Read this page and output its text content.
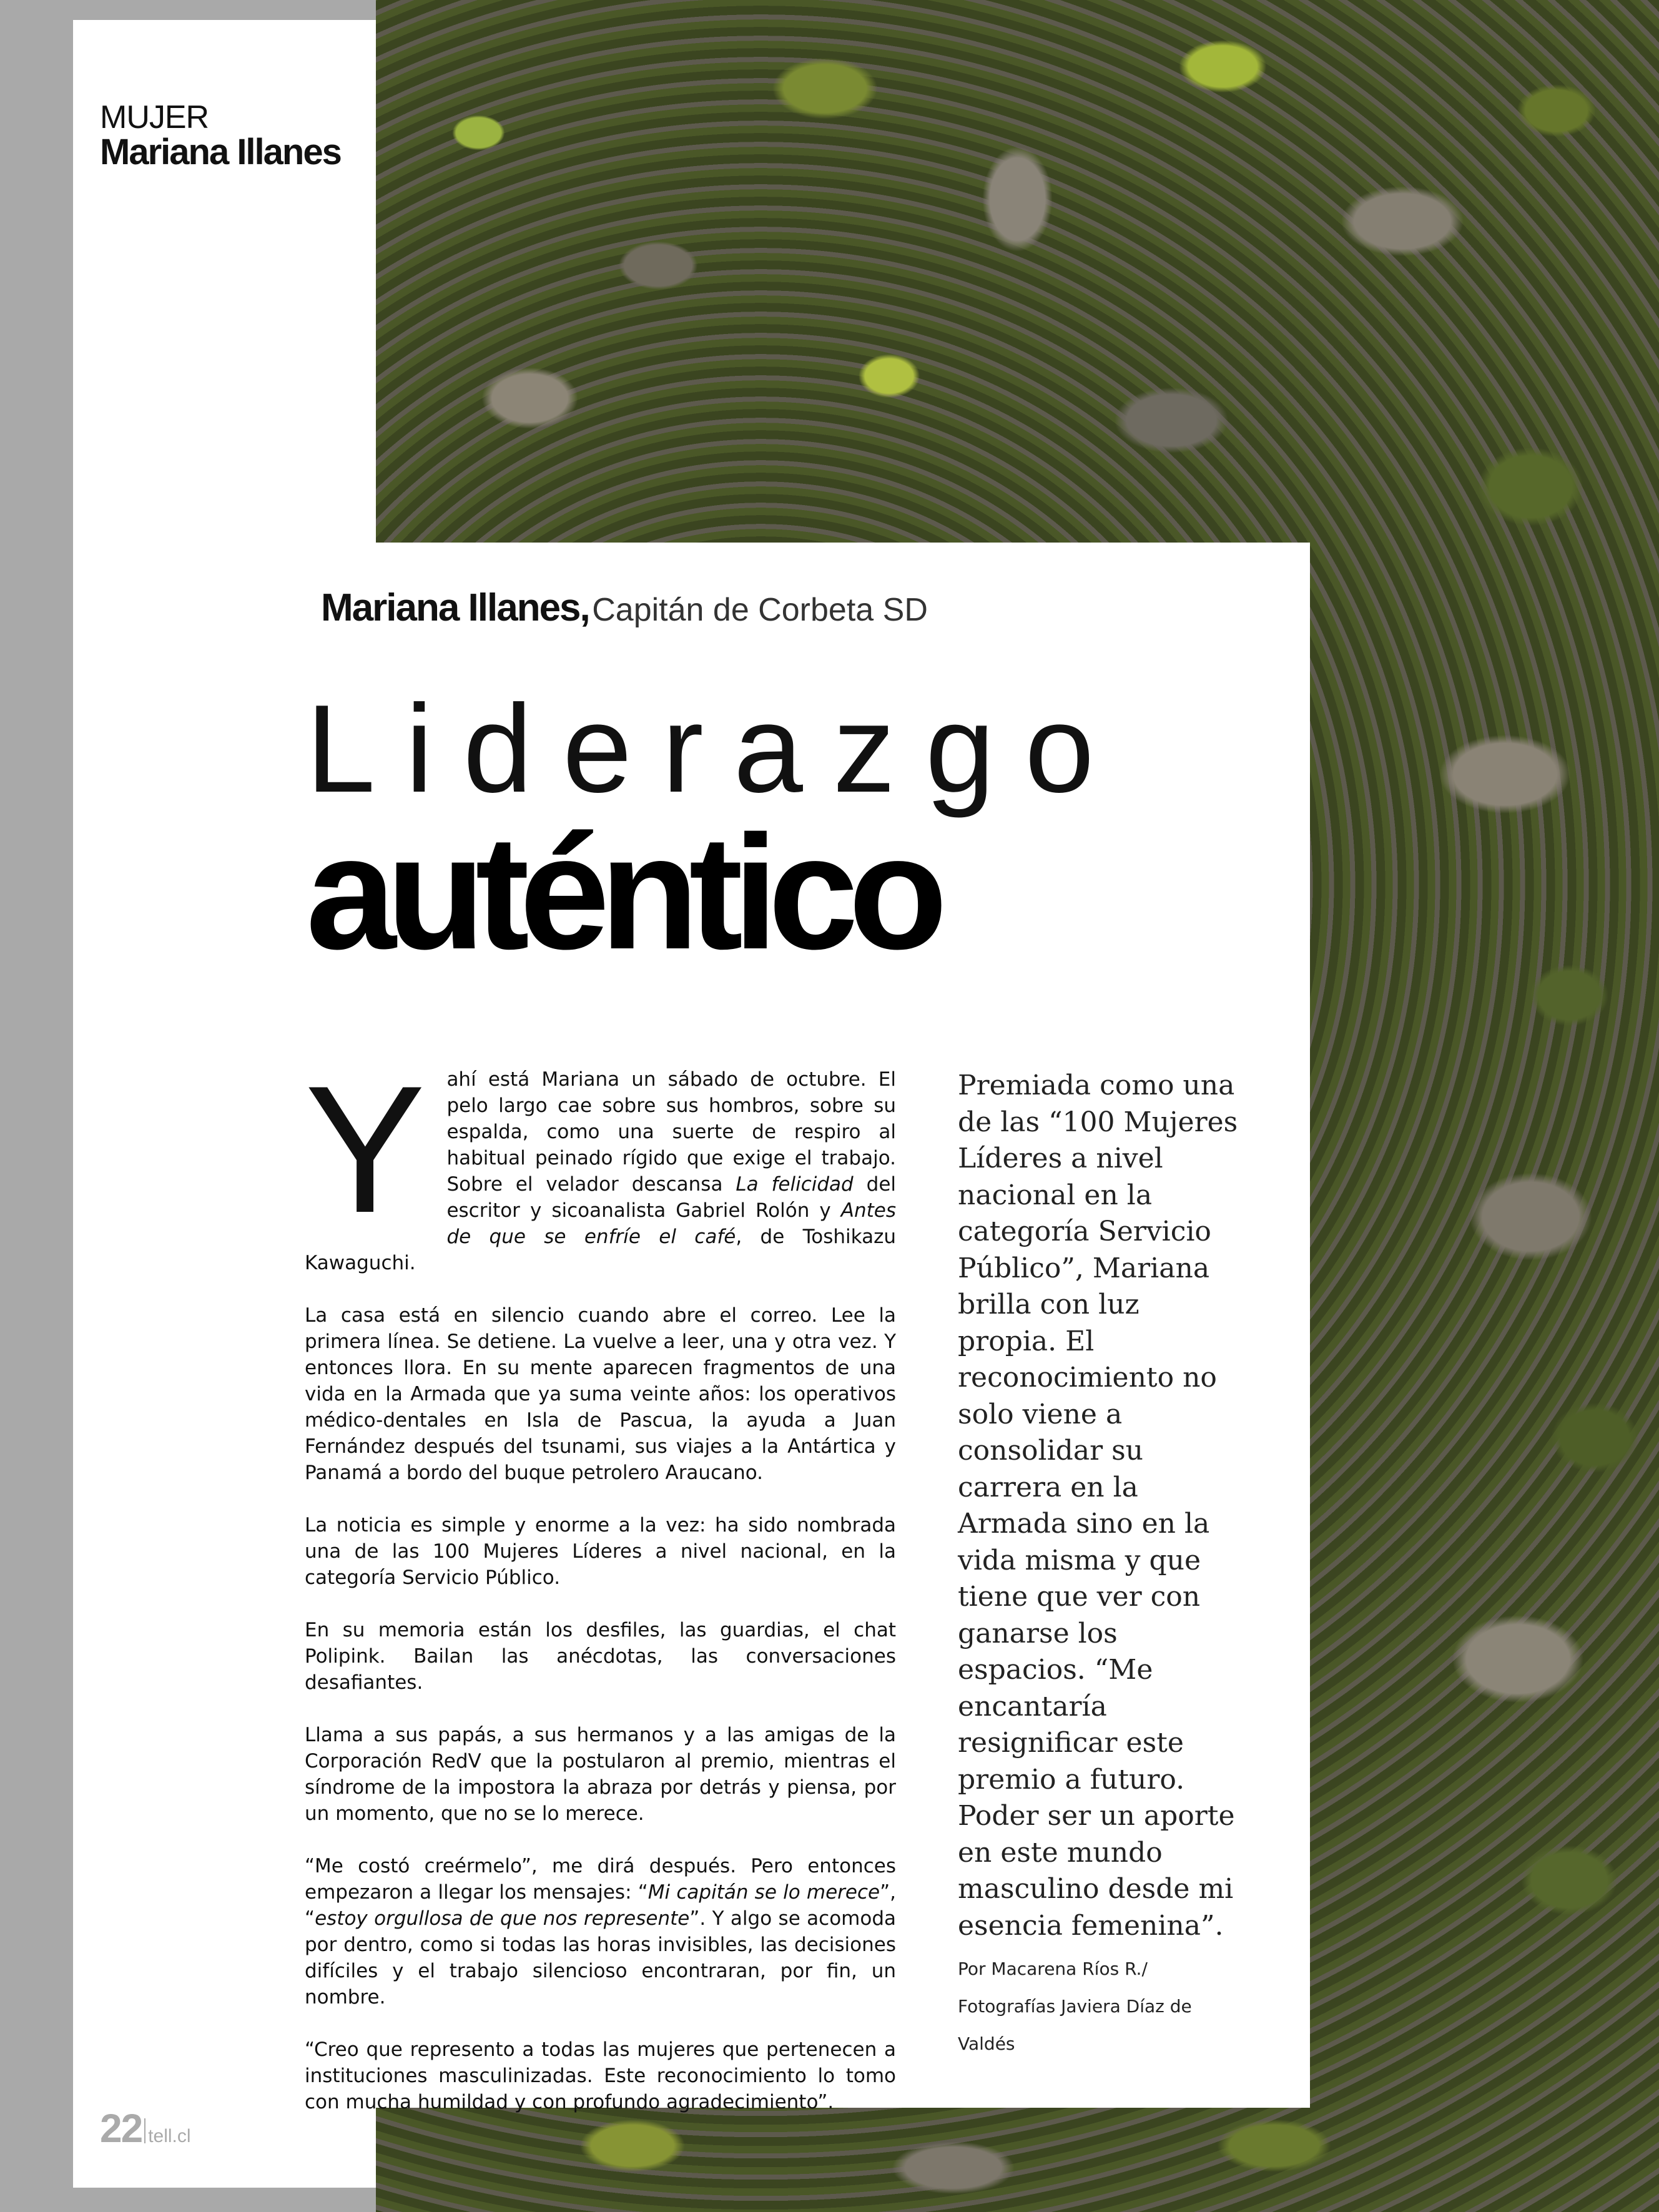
MUJER
Mariana Illanes
Mariana Illanes, Capitán de Corbeta SD
Liderazgo
auténtico

Y ahí está Mariana un sábado de octubre. El pelo largo cae sobre sus hombros, sobre su espalda, como una suerte de respiro al habitual peinado rígido que exige el trabajo. Sobre el velador descansa La felicidad del escritor y sicoanalista Gabriel Rolón y Antes de que se enfríe el café, de Toshikazu Kawaguchi.

La casa está en silencio cuando abre el correo. Lee la primera línea. Se detiene. La vuelve a leer, una y otra vez. Y entonces llora. En su mente aparecen fragmentos de una vida en la Armada que ya suma veinte años: los operativos médico-dentales en Isla de Pascua, la ayuda a Juan Fernández después del tsunami, sus viajes a la Antártica y Panamá a bordo del buque petrolero Araucano.

La noticia es simple y enorme a la vez: ha sido nombrada una de las 100 Mujeres Líderes a nivel nacional, en la categoría Servicio Público.

En su memoria están los desfiles, las guardias, el chat Polipink. Bailan las anécdotas, las conversaciones desafiantes.

Llama a sus papás, a sus hermanos y a las amigas de la Corporación RedV que la postularon al premio, mientras el síndrome de la impostora la abraza por detrás y piensa, por un momento, que no se lo merece.

“Me costó creérmelo”, me dirá después. Pero entonces empezaron a llegar los mensajes: “Mi capitán se lo merece”, “estoy orgullosa de que nos represente”. Y algo se acomoda por dentro, como si todas las horas invisibles, las decisiones difíciles y el trabajo silencioso encontraran, por fin, un nombre.

“Creo que represento a todas las mujeres que pertenecen a instituciones masculinizadas. Este reconocimiento lo tomo con mucha humildad y con profundo agradecimiento”.

Premiada como una de las “100 Mujeres Líderes a nivel nacional en la categoría Servicio Público”, Mariana brilla con luz propia. El reconocimiento no solo viene a consolidar su carrera en la Armada sino en la vida misma y que tiene que ver con ganarse los espacios. “Me encantaría resignificar este premio a futuro. Poder ser un aporte en este mundo masculino desde mi esencia femenina”.

Por Macarena Ríos R./
Fotografías Javiera Díaz de Valdés
22 tell.cl
